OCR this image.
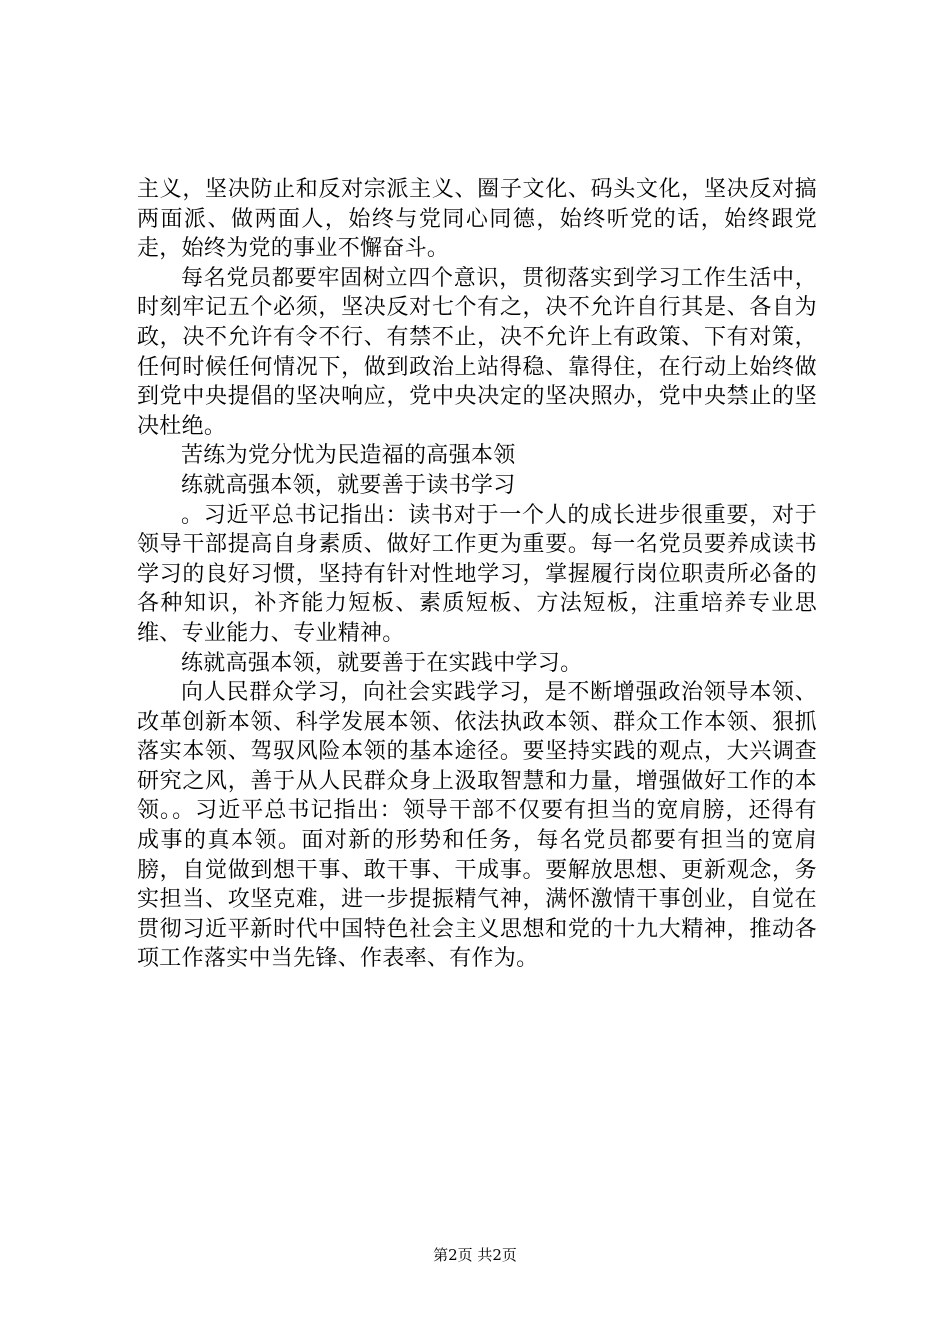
主义，坚决防止和反对宗派主义、圈子文化、码头文化，坚决反对搞两面派、做两面人，始终与党同心同德，始终听党的话，始终跟党走，始终为党的事业不懈奋斗。

每名党员都要牢固树立四个意识，贯彻落实到学习工作生活中，时刻牢记五个必须，坚决反对七个有之，决不允许自行其是、各自为政，决不允许有令不行、有禁不止，决不允许上有政策、下有对策，任何时候任何情况下，做到政治上站得稳、靠得住，在行动上始终做到党中央提倡的坚决响应，党中央决定的坚决照办，党中央禁止的坚决杜绝。

苦练为党分忧为民造福的高强本领

练就高强本领，就要善于读书学习

。习近平总书记指出：读书对于一个人的成长进步很重要，对于领导干部提高自身素质、做好工作更为重要。每一名党员要养成读书学习的良好习惯，坚持有针对性地学习，掌握履行岗位职责所必备的各种知识，补齐能力短板、素质短板、方法短板，注重培养专业思维、专业能力、专业精神。

练就高强本领，就要善于在实践中学习。

向人民群众学习，向社会实践学习，是不断增强政治领导本领、改革创新本领、科学发展本领、依法执政本领、群众工作本领、狠抓落实本领、驾驭风险本领的基本途径。要坚持实践的观点，大兴调查研究之风，善于从人民群众身上汲取智慧和力量，增强做好工作的本领。。习近平总书记指出：领导干部不仅要有担当的宽肩膀，还得有成事的真本领。面对新的形势和任务，每名党员都要有担当的宽肩膀，自觉做到想干事、敢干事、干成事。要解放思想、更新观念，务实担当、攻坚克难，进一步提振精气神，满怀激情干事创业，自觉在贯彻习近平新时代中国特色社会主义思想和党的十九大精神，推动各项工作落实中当先锋、作表率、有作为。

第2页 共2页
